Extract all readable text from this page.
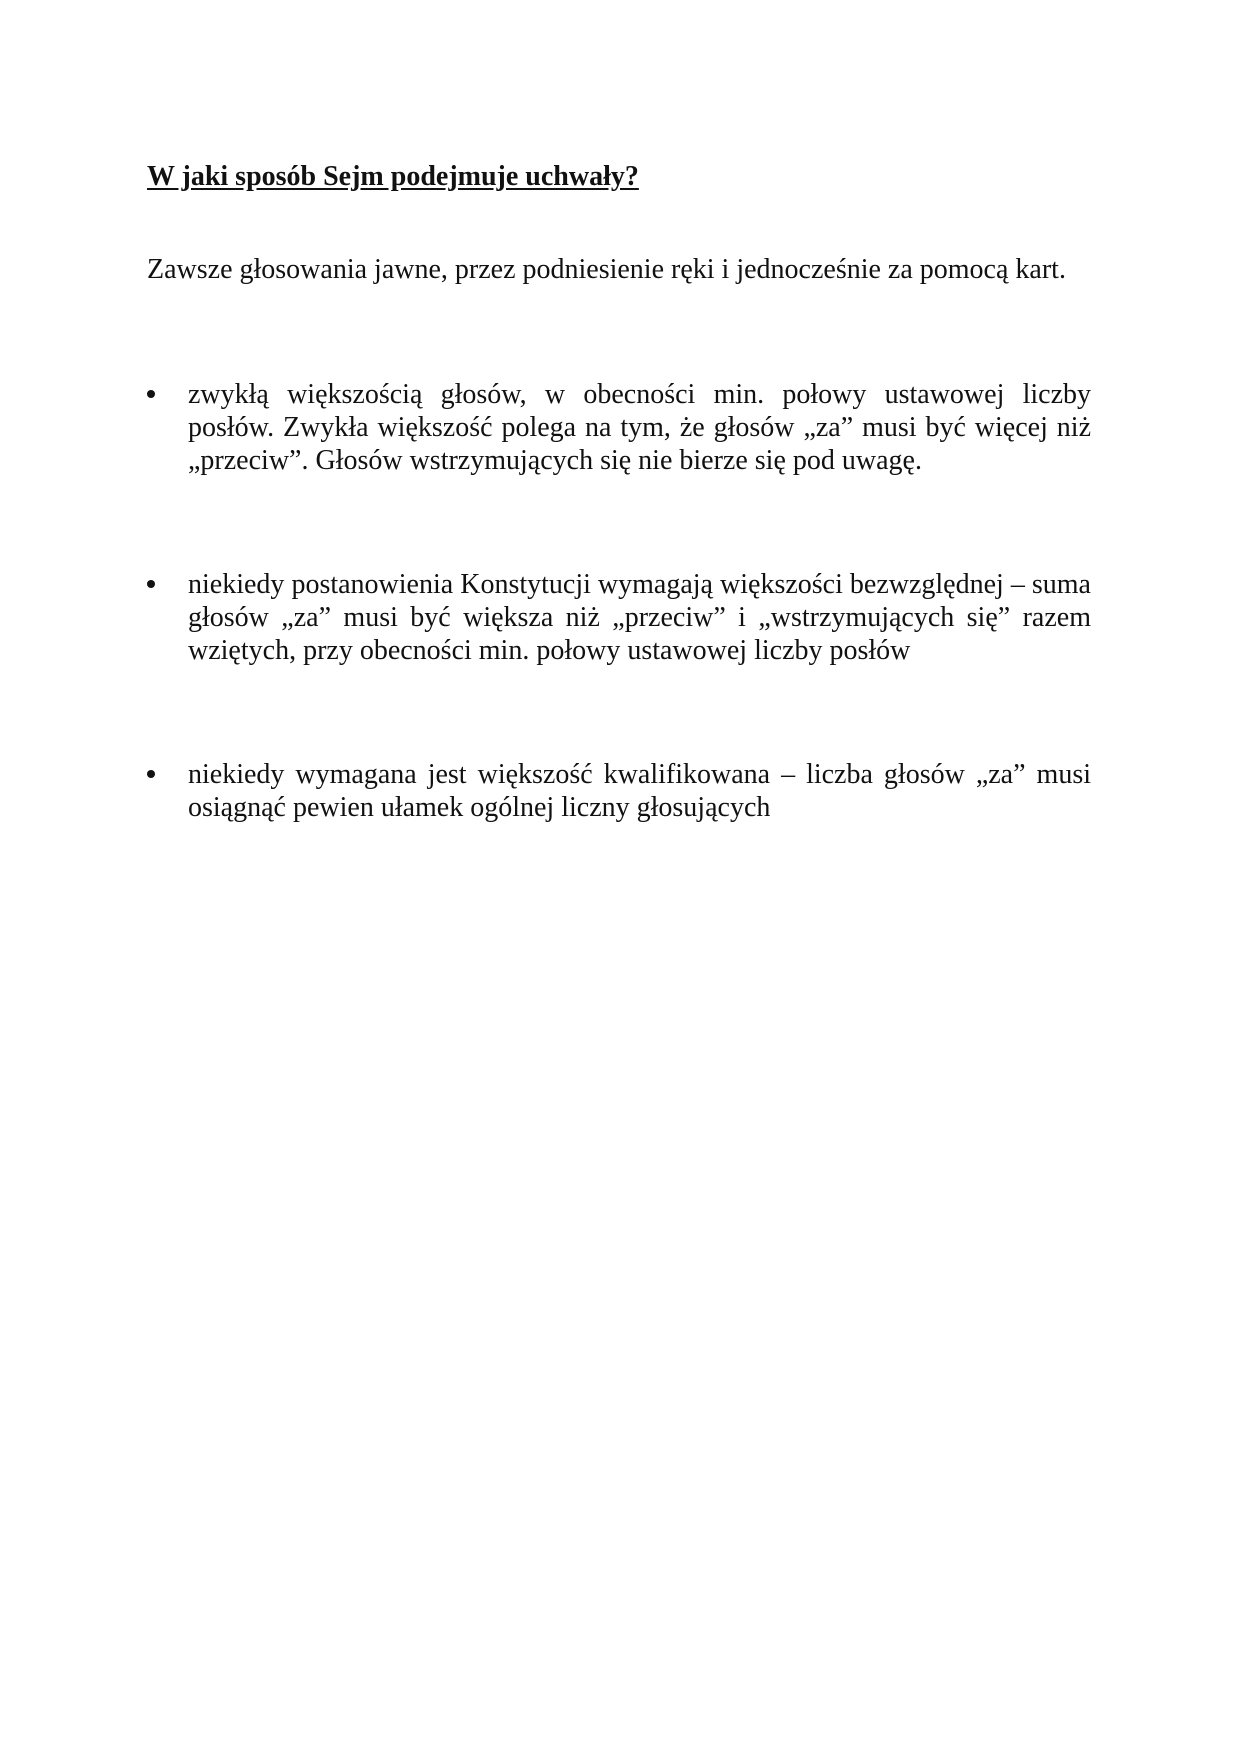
W jaki sposób Sejm podejmuje uchwały?

Zawsze głosowania jawne, przez podniesienie ręki i jednocześnie za pomocą kart.

zwykłą większością głosów, w obecności min. połowy ustawowej liczby posłów. Zwykła większość polega na tym, że głosów „za” musi być więcej niż „przeciw”. Głosów wstrzymujących się nie bierze się pod uwagę.
niekiedy postanowienia Konstytucji wymagają większości bezwzględnej – suma głosów „za” musi być większa niż „przeciw” i „wstrzymujących się” razem wziętych, przy obecności min. połowy ustawowej liczby posłów
niekiedy wymagana jest większość kwalifikowana – liczba głosów „za” musi osiągnąć pewien ułamek ogólnej liczny głosujących
